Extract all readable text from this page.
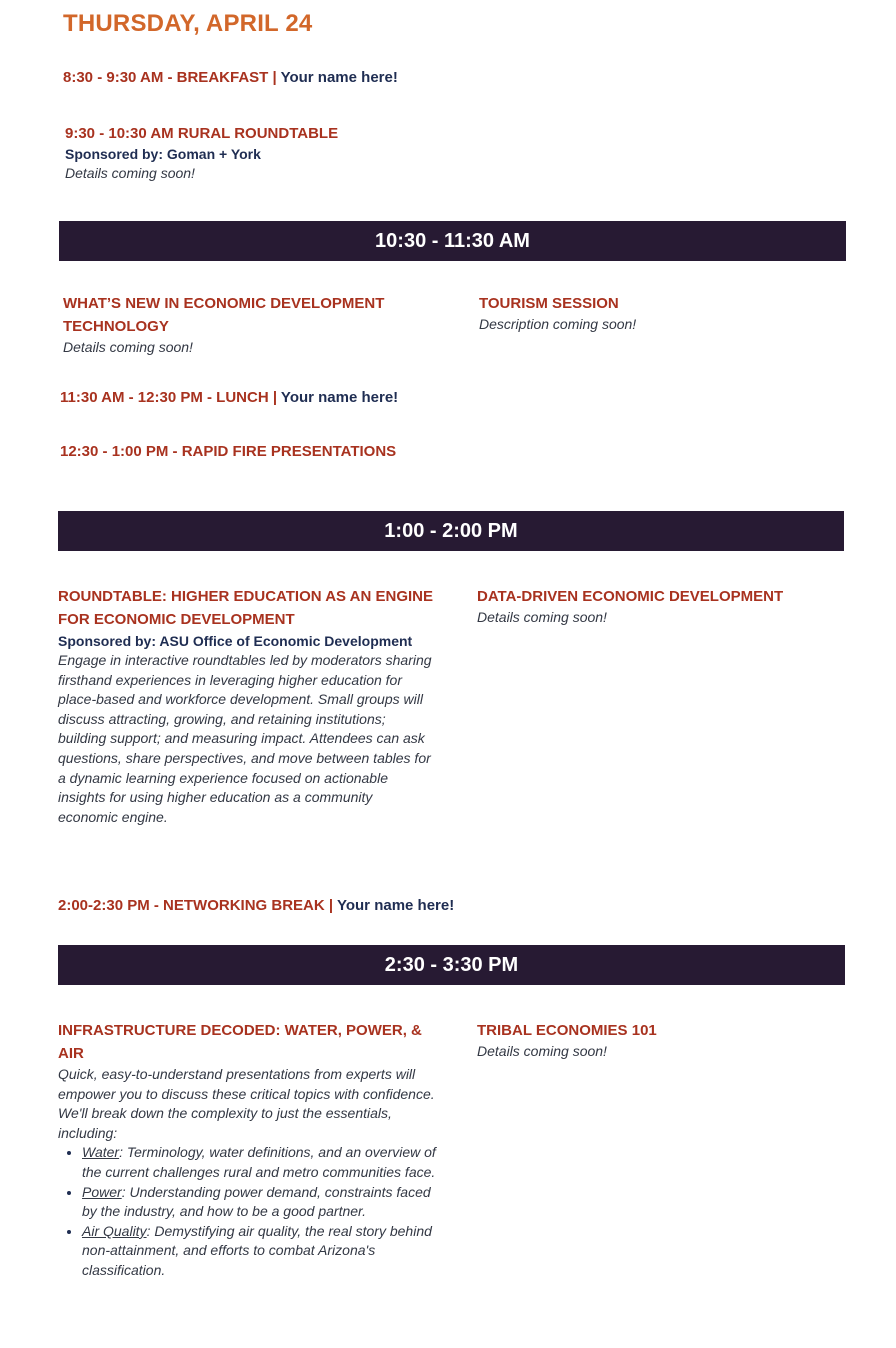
THURSDAY, APRIL 24
8:30 - 9:30 AM - BREAKFAST | Your name here!
9:30 - 10:30 AM RURAL ROUNDTABLE
Sponsored by: Goman + York
Details coming soon!
10:30 - 11:30 AM
WHAT’S NEW IN ECONOMIC DEVELOPMENT TECHNOLOGY
Details coming soon!
TOURISM SESSION
Description coming soon!
11:30 AM - 12:30 PM - LUNCH | Your name here!
12:30 - 1:00 PM - RAPID FIRE PRESENTATIONS
1:00 - 2:00 PM
ROUNDTABLE: HIGHER EDUCATION AS AN ENGINE FOR ECONOMIC DEVELOPMENT
Sponsored by: ASU Office of Economic Development
Engage in interactive roundtables led by moderators sharing firsthand experiences in leveraging higher education for place-based and workforce development. Small groups will discuss attracting, growing, and retaining institutions; building support; and measuring impact. Attendees can ask questions, share perspectives, and move between tables for a dynamic learning experience focused on actionable insights for using higher education as a community economic engine.
DATA-DRIVEN ECONOMIC DEVELOPMENT
Details coming soon!
2:00-2:30 PM - NETWORKING BREAK | Your name here!
2:30 - 3:30 PM
INFRASTRUCTURE DECODED: WATER, POWER, & AIR
Quick, easy-to-understand presentations from experts will empower you to discuss these critical topics with confidence. We'll break down the complexity to just the essentials, including:
• Water: Terminology, water definitions, and an overview of the current challenges rural and metro communities face.
• Power: Understanding power demand, constraints faced by the industry, and how to be a good partner.
• Air Quality: Demystifying air quality, the real story behind non-attainment, and efforts to combat Arizona's classification.
TRIBAL ECONOMIES 101
Details coming soon!
